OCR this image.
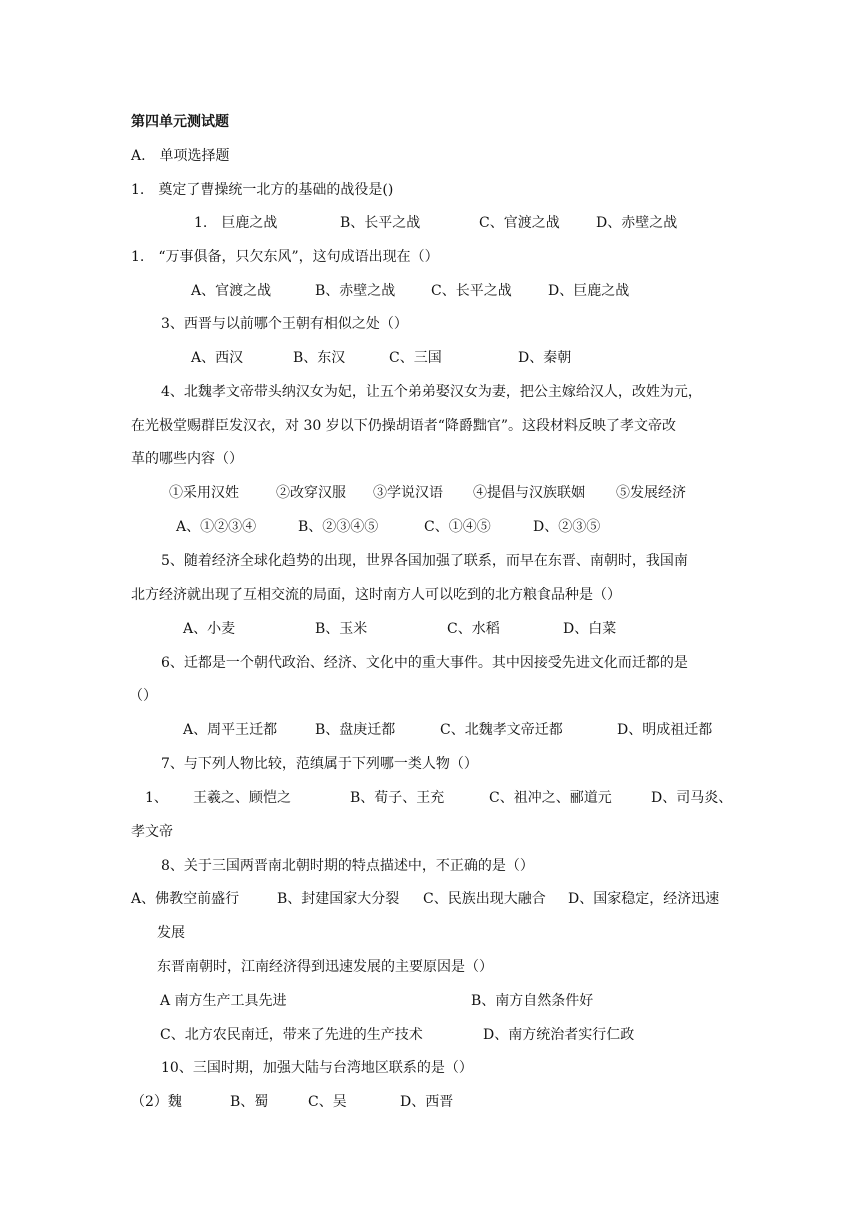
第四单元测试题
A.　单项选择题
1.　奠定了曹操统一北方的基础的战役是()
1.　巨鹿之战	B、长平之战	C、官渡之战	D、赤壁之战
1.　“万事俱备，只欠东风”，这句成语出现在（）
A、官渡之战	B、赤壁之战	C、长平之战	D、巨鹿之战
3、西晋与以前哪个王朝有相似之处（）
A、西汉	B、东汉	C、三国	D、秦朝
4、北魏孝文帝带头纳汉女为妃，让五个弟弟娶汉女为妻，把公主嫁给汉人，改姓为元，
在光极堂赐群臣发汉衣，对 30 岁以下仍操胡语者“降爵黜官”。这段材料反映了孝文帝改
革的哪些内容（）
①采用汉姓	②改穿汉服 ③学说汉语 ④提倡与汉族联姻 ⑤发展经济
A、①②③④	B、②③④⑤	C、①④⑤	D、②③⑤
5、随着经济全球化趋势的出现，世界各国加强了联系，而早在东晋、南朝时，我国南
北方经济就出现了互相交流的局面，这时南方人可以吃到的北方粮食品种是（）
A、小麦	B、玉米	C、水稻	D、白菜
6、迁都是一个朝代政治、经济、文化中的重大事件。其中因接受先进文化而迁都的是
（）
A、周平王迁都	B、盘庚迁都	C、北魏孝文帝迁都	D、明成祖迁都
7、与下列人物比较，范缜属于下列哪一类人物（）
1、 王羲之、顾恺之	B、荀子、王充	C、祖冲之、郦道元	D、司马炎、
孝文帝
8、关于三国两晋南北朝时期的特点描述中，不正确的是（）
A、佛教空前盛行	B、封建国家大分裂 C、民族出现大融合 D、国家稳定，经济迅速
发展
东晋南朝时，江南经济得到迅速发展的主要原因是（）
A 南方生产工具先进	B、南方自然条件好
C、北方农民南迁，带来了先进的生产技术	D、南方统治者实行仁政
10、三国时期，加强大陆与台湾地区联系的是（）
（2）魏	B、蜀	C、吴	D、西晋
